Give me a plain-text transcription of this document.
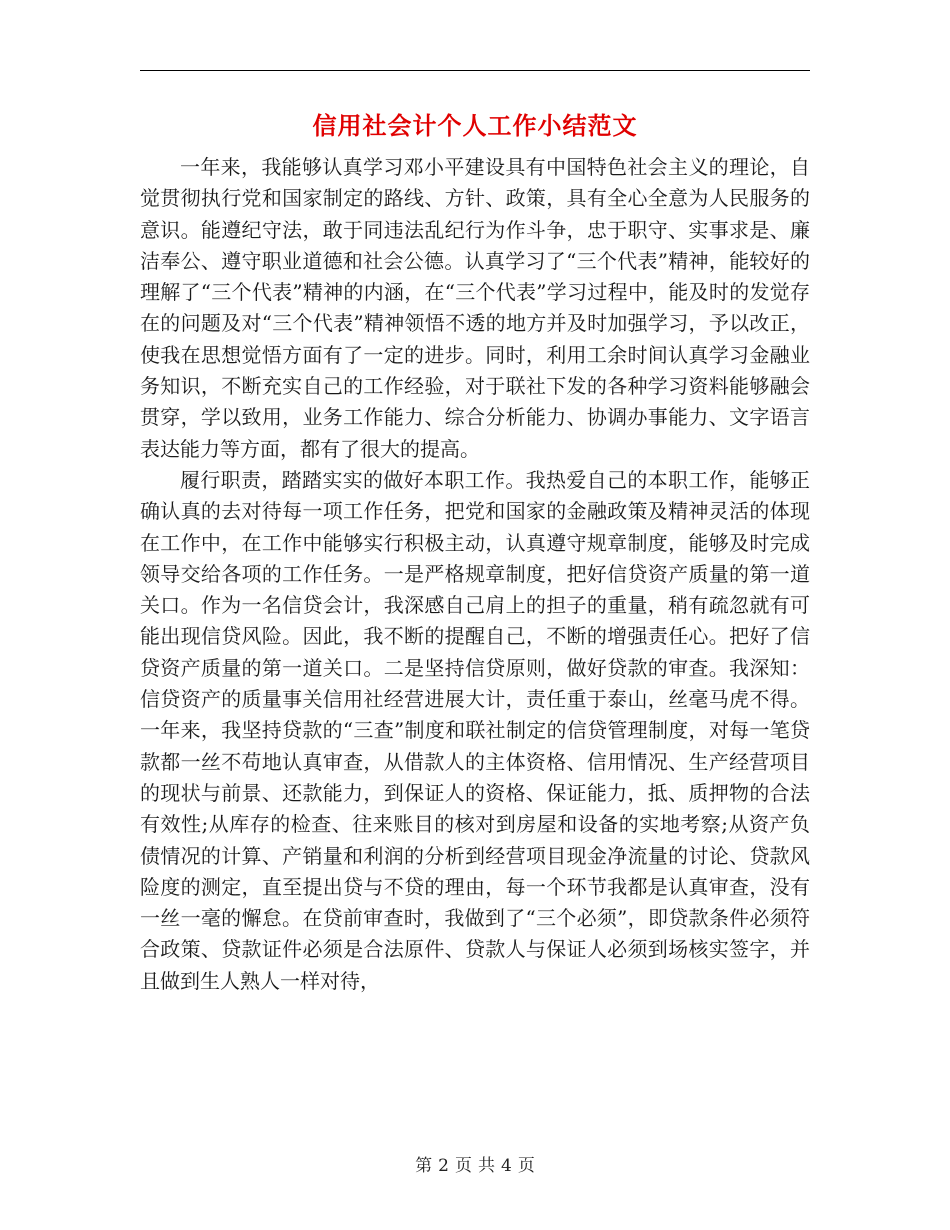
信用社会计个人工作小结范文

一年来，我能够认真学习邓小平建设具有中国特色社会主义的理论，自觉贯彻执行党和国家制定的路线、方针、政策，具有全心全意为人民服务的意识。能遵纪守法，敢于同违法乱纪行为作斗争，忠于职守、实事求是、廉洁奉公、遵守职业道德和社会公德。认真学习了“三个代表”精神，能较好的理解了“三个代表”精神的内涵，在“三个代表”学习过程中，能及时的发觉存在的问题及对“三个代表”精神领悟不透的地方并及时加强学习，予以改正，使我在思想觉悟方面有了一定的进步。同时，利用工余时间认真学习金融业务知识，不断充实自己的工作经验，对于联社下发的各种学习资料能够融会贯穿，学以致用，业务工作能力、综合分析能力、协调办事能力、文字语言表达能力等方面，都有了很大的提高。

履行职责，踏踏实实的做好本职工作。我热爱自己的本职工作，能够正确认真的去对待每一项工作任务，把党和国家的金融政策及精神灵活的体现在工作中，在工作中能够实行积极主动，认真遵守规章制度，能够及时完成领导交给各项的工作任务。一是严格规章制度，把好信贷资产质量的第一道关口。作为一名信贷会计，我深感自己肩上的担子的重量，稍有疏忽就有可能出现信贷风险。因此，我不断的提醒自己，不断的增强责任心。把好了信贷资产质量的第一道关口。二是坚持信贷原则，做好贷款的审查。我深知：信贷资产的质量事关信用社经营进展大计，责任重于泰山，丝毫马虎不得。一年来，我坚持贷款的“三查”制度和联社制定的信贷管理制度，对每一笔贷款都一丝不苟地认真审查，从借款人的主体资格、信用情况、生产经营项目的现状与前景、还款能力，到保证人的资格、保证能力，抵、质押物的合法有效性;从库存的检查、往来账目的核对到房屋和设备的实地考察;从资产负债情况的计算、产销量和利润的分析到经营项目现金净流量的讨论、贷款风险度的测定，直至提出贷与不贷的理由，每一个环节我都是认真审查，没有一丝一毫的懈怠。在贷前审查时，我做到了“三个必须”，即贷款条件必须符合政策、贷款证件必须是合法原件、贷款人与保证人必须到场核实签字，并且做到生人熟人一样对待，

第 2 页 共 4 页
